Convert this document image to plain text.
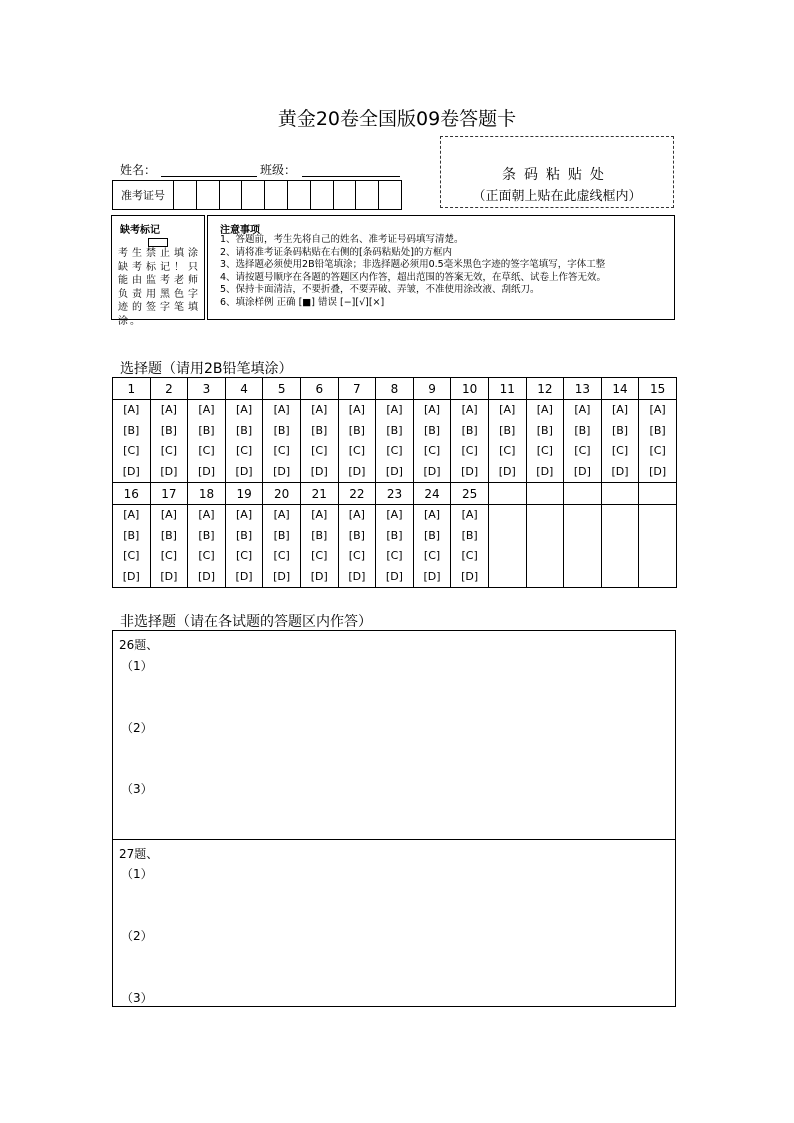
黄金20卷全国版09卷答题卡
姓名：	班级：
准考证号
条码粘贴处
（正面朝上贴在此虚线框内）
缺考标记
考生禁止填涂缺考标记！只能由监考老师负责用黑色字迹的签字笔填涂。
注意事项
1、答题前，考生先将自己的姓名、准考证号码填写清楚。
2、请将准考证条码粘贴在右侧的[条码粘贴处]的方框内
3、选择题必须使用2B铅笔填涂；非选择题必须用0.5毫米黑色字迹的签字笔填写，字体工整
4、请按题号顺序在各题的答题区内作答，超出范围的答案无效，在草纸、试卷上作答无效。
5、保持卡面清洁，不要折叠，不要弄破、弄皱，不准使用涂改液、刮纸刀。
6、填涂样例 正确 [■] 错误 [−][√][×]
选择题（请用2B铅笔填涂）
1	2	3	4	5	6	7	8	9	10	11	12	13	14	15

[A]
[B]
[C]
[D]	[A]
[B]
[C]
[D]	[A]
[B]
[C]
[D]	[A]
[B]
[C]
[D]	[A]
[B]
[C]
[D]	[A]
[B]
[C]
[D]	[A]
[B]
[C]
[D]	[A]
[B]
[C]
[D]	[A]
[B]
[C]
[D]	[A]
[B]
[C]
[D]	[A]
[B]
[C]
[D]	[A]
[B]
[C]
[D]	[A]
[B]
[C]
[D]	[A]
[B]
[C]
[D]	[A]
[B]
[C]
[D]

16	17	18	19	20	21	22	23	24	25					

[A]
[B]
[C]
[D]	[A]
[B]
[C]
[D]	[A]
[B]
[C]
[D]	[A]
[B]
[C]
[D]	[A]
[B]
[C]
[D]	[A]
[B]
[C]
[D]	[A]
[B]
[C]
[D]	[A]
[B]
[C]
[D]	[A]
[B]
[C]
[D]	[A]
[B]
[C]
[D]					

非选择题（请在各试题的答题区内作答）
26题、
（1）
（2）
（3）
27题、
（1）
（2）
（3）
